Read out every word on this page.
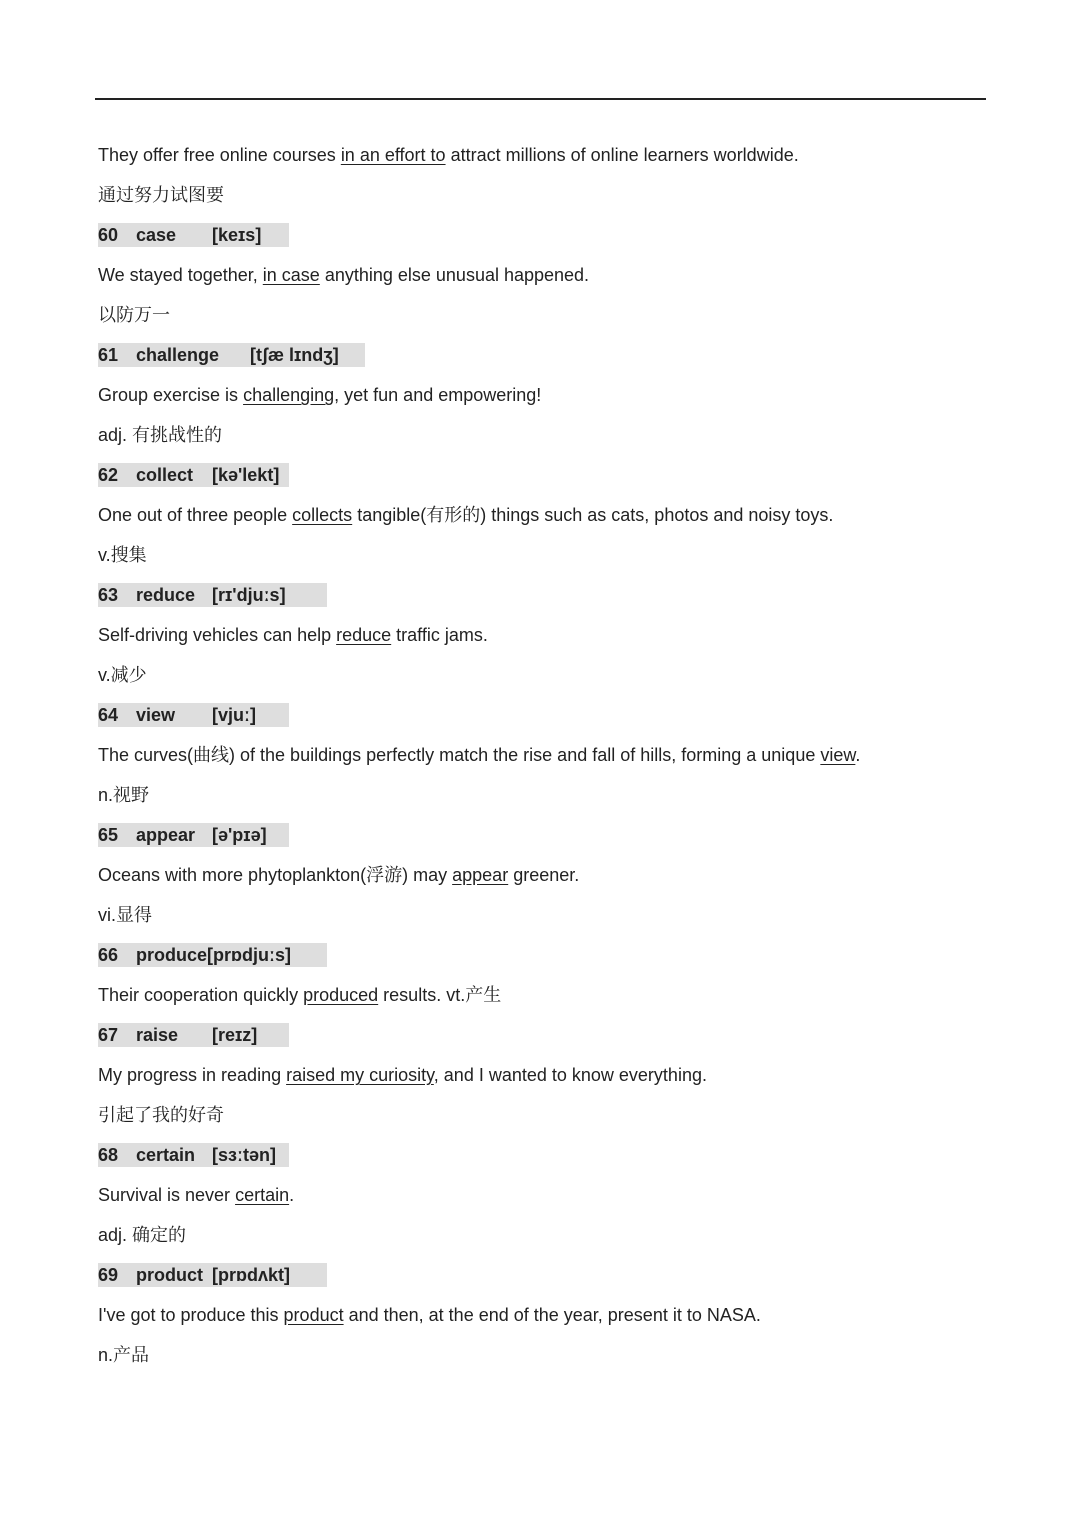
They offer free online courses in an effort to attract millions of online learners worldwide.
通过努力试图要
60 case [keɪs]
We stayed together, in case anything else unusual happened.
以防万一
61 challenge [tʃæ lɪndʒ]
Group exercise is challenging, yet fun and empowering!
adj. 有挑战性的
62 collect [kə'lekt]
One out of three people collects tangible(有形的) things such as cats, photos and noisy toys.
v.搜集
63 reduce [rɪ'djuːs]
Self-driving vehicles can help reduce traffic jams.
v.减少
64 view [vjuː]
The curves(曲线) of the buildings perfectly match the rise and fall of hills, forming a unique view.
n.视野
65 appear [ə'pɪə]
Oceans with more phytoplankton(浮游) may appear greener.
vi.显得
66 produce[prɒdjuːs]
Their cooperation quickly produced results. vt.产生
67 raise [reɪz]
My progress in reading raised my curiosity, and I wanted to know everything.
引起了我的好奇
68 certain [sɜːtən]
Survival is never certain.
adj. 确定的
69 product [prɒdʌkt]
I've got to produce this product and then, at the end of the year, present it to NASA.
n.产品
